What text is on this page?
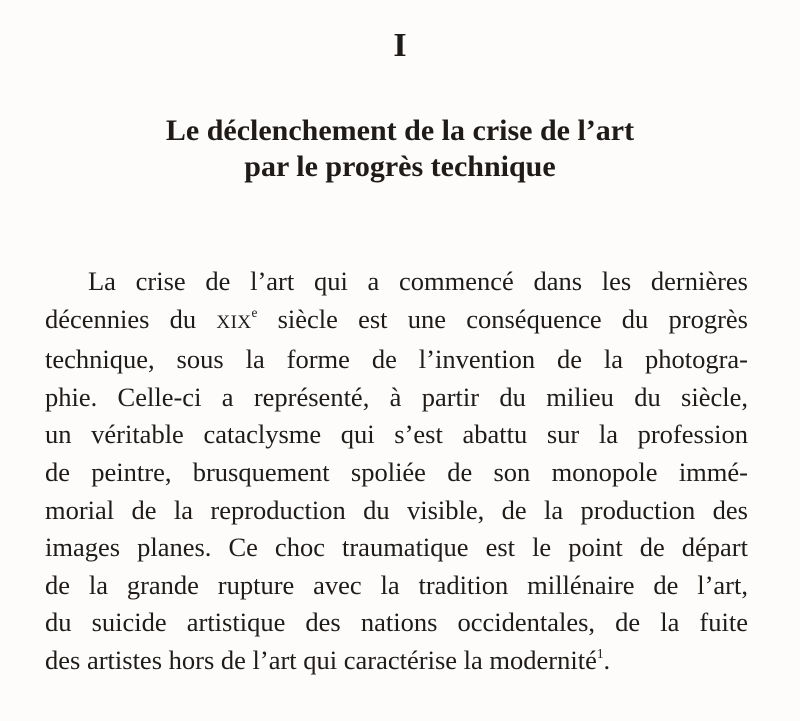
I
Le déclenchement de la crise de l’art
par le progrès technique
La crise de l’art qui a commencé dans les dernières
décennies du XIXe siècle est une conséquence du progrès
technique, sous la forme de l’invention de la photogra-
phie. Celle-ci a représenté, à partir du milieu du siècle,
un véritable cataclysme qui s’est abattu sur la profession
de peintre, brusquement spoliée de son monopole immé-
morial de la reproduction du visible, de la production des
images planes. Ce choc traumatique est le point de départ
de la grande rupture avec la tradition millénaire de l’art,
du suicide artistique des nations occidentales, de la fuite
des artistes hors de l’art qui caractérise la modernité$^1$.
